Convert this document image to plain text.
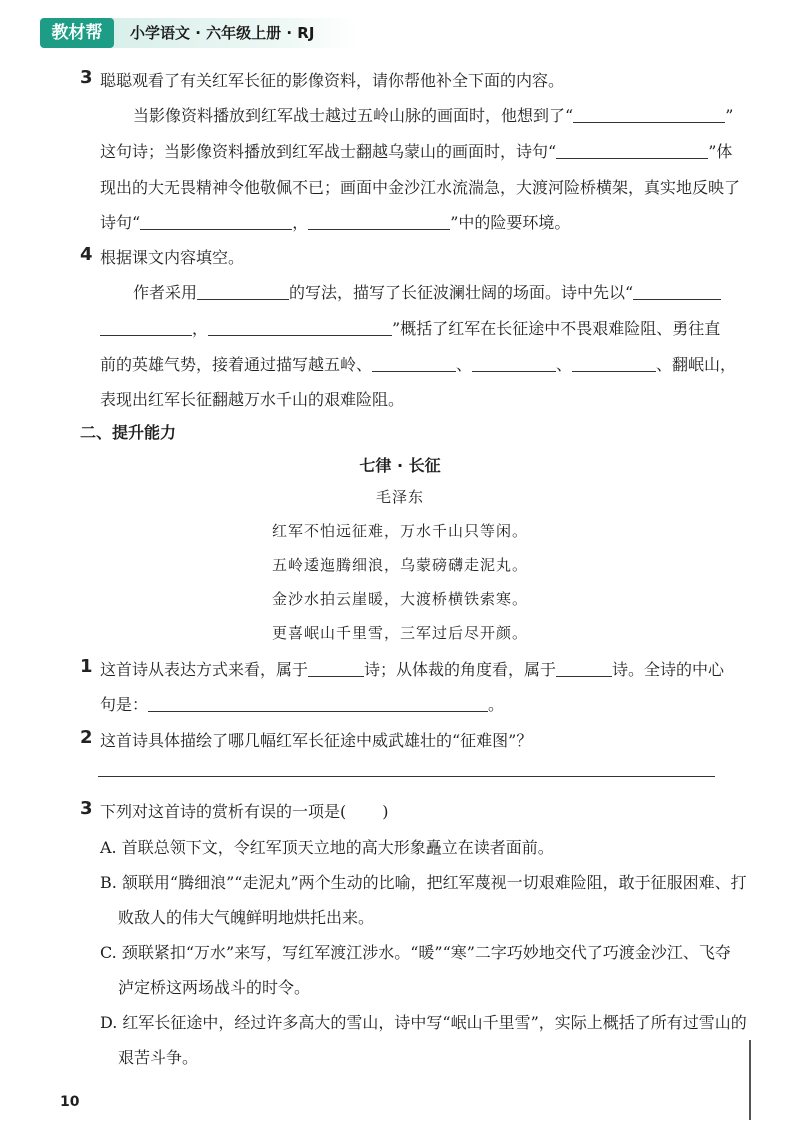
教材帮	小学语文 · 六年级上册 · RJ
3 聪聪观看了有关红军长征的影像资料，请你帮他补全下面的内容。
当影像资料播放到红军战士越过五岭山脉的画面时，他想到了“	”
这句诗；当影像资料播放到红军战士翻越乌蒙山的画面时，诗句“	”体
现出的大无畏精神令他敬佩不已；画面中金沙江水流湍急，大渡河险桥横架，真实地反映了
诗句“	，	”中的险要环境。
4 根据课文内容填空。
作者采用	的写法，描写了长征波澜壮阔的场面。诗中先以“
，	”概括了红军在长征途中不畏艰难险阻、勇往直
前的英雄气势，接着通过描写越五岭、	、	、	、翻岷山，
表现出红军长征翻越万水千山的艰难险阻。
二、提升能力
七律 · 长征
毛泽东
红军不怕远征难，万水千山只等闲。
五岭逶迤腾细浪，乌蒙磅礴走泥丸。
金沙水拍云崖暖，大渡桥横铁索寒。
更喜岷山千里雪，三军过后尽开颜。
1 这首诗从表达方式来看，属于	诗；从体裁的角度看，属于	诗。全诗的中心
句是：	。
2 这首诗具体描绘了哪几幅红军长征途中威武雄壮的“征难图”？
3 下列对这首诗的赏析有误的一项是( )
A. 首联总领下文，令红军顶天立地的高大形象矗立在读者面前。
B. 颔联用“腾细浪”“走泥丸”两个生动的比喻，把红军蔑视一切艰难险阻，敢于征服困难、打
败敌人的伟大气魄鲜明地烘托出来。
C. 颈联紧扣“万水”来写，写红军渡江涉水。“暖”“寒”二字巧妙地交代了巧渡金沙江、飞夺
泸定桥这两场战斗的时令。
D. 红军长征途中，经过许多高大的雪山，诗中写“岷山千里雪”，实际上概括了所有过雪山的
艰苦斗争。
10
